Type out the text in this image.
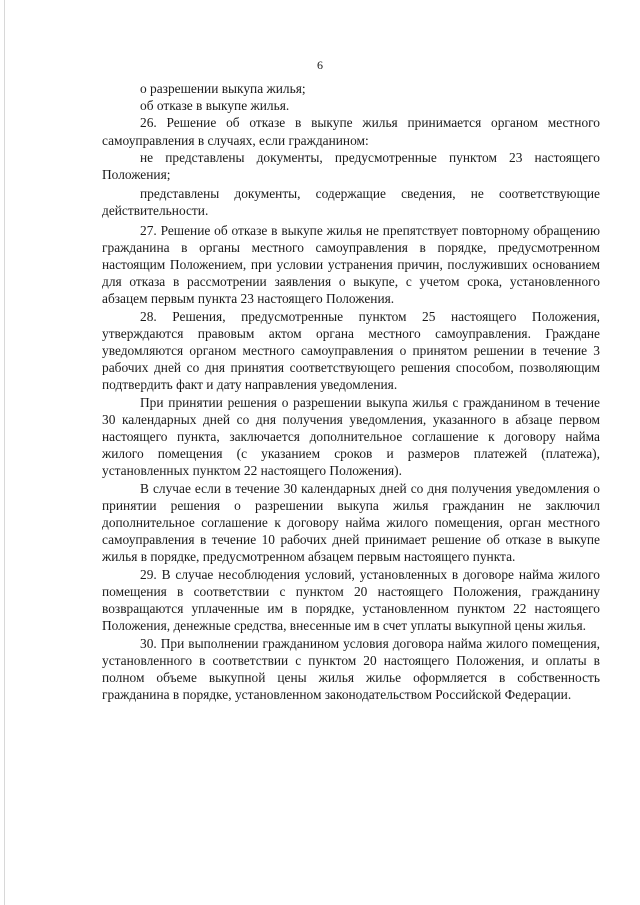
6

о разрешении выкупа жилья;

об отказе в выкупе жилья.

26. Решение об отказе в выкупе жилья принимается органом местного самоуправления в случаях, если гражданином:

не представлены документы, предусмотренные пунктом 23 настоящего Положения;

представлены документы, содержащие сведения, не соответствующие действительности.

27. Решение об отказе в выкупе жилья не препятствует повторному обращению гражданина в органы местного самоуправления в порядке, предусмотренном настоящим Положением, при условии устранения причин, послуживших основанием для отказа в рассмотрении заявления о выкупе, с учетом срока, установленного абзацем первым пункта 23 настоящего Положения.

28. Решения, предусмотренные пунктом 25 настоящего Положения, утверждаются правовым актом органа местного самоуправления. Граждане уведомляются органом местного самоуправления о принятом решении в течение 3 рабочих дней со дня принятия соответствующего решения способом, позволяющим подтвердить факт и дату направления уведомления.

При принятии решения о разрешении выкупа жилья с гражданином в течение 30 календарных дней со дня получения уведомления, указанного в абзаце первом настоящего пункта, заключается дополнительное соглашение к договору найма жилого помещения (с указанием сроков и размеров платежей (платежа), установленных пунктом 22 настоящего Положения).

В случае если в течение 30 календарных дней со дня получения уведомления о принятии решения о разрешении выкупа жилья гражданин не заключил дополнительное соглашение к договору найма жилого помещения, орган местного самоуправления в течение 10 рабочих дней принимает решение об отказе в выкупе жилья в порядке, предусмотренном абзацем первым настоящего пункта.

29. В случае несоблюдения условий, установленных в договоре найма жилого помещения в соответствии с пунктом 20 настоящего Положения, гражданину возвращаются уплаченные им в порядке, установленном пунктом 22 настоящего Положения, денежные средства, внесенные им в счет уплаты выкупной цены жилья.

30. При выполнении гражданином условия договора найма жилого помещения, установленного в соответствии с пунктом 20 настоящего Положения, и оплаты в полном объеме выкупной цены жилья жилье оформляется в собственность гражданина в порядке, установленном законодательством Российской Федерации.
